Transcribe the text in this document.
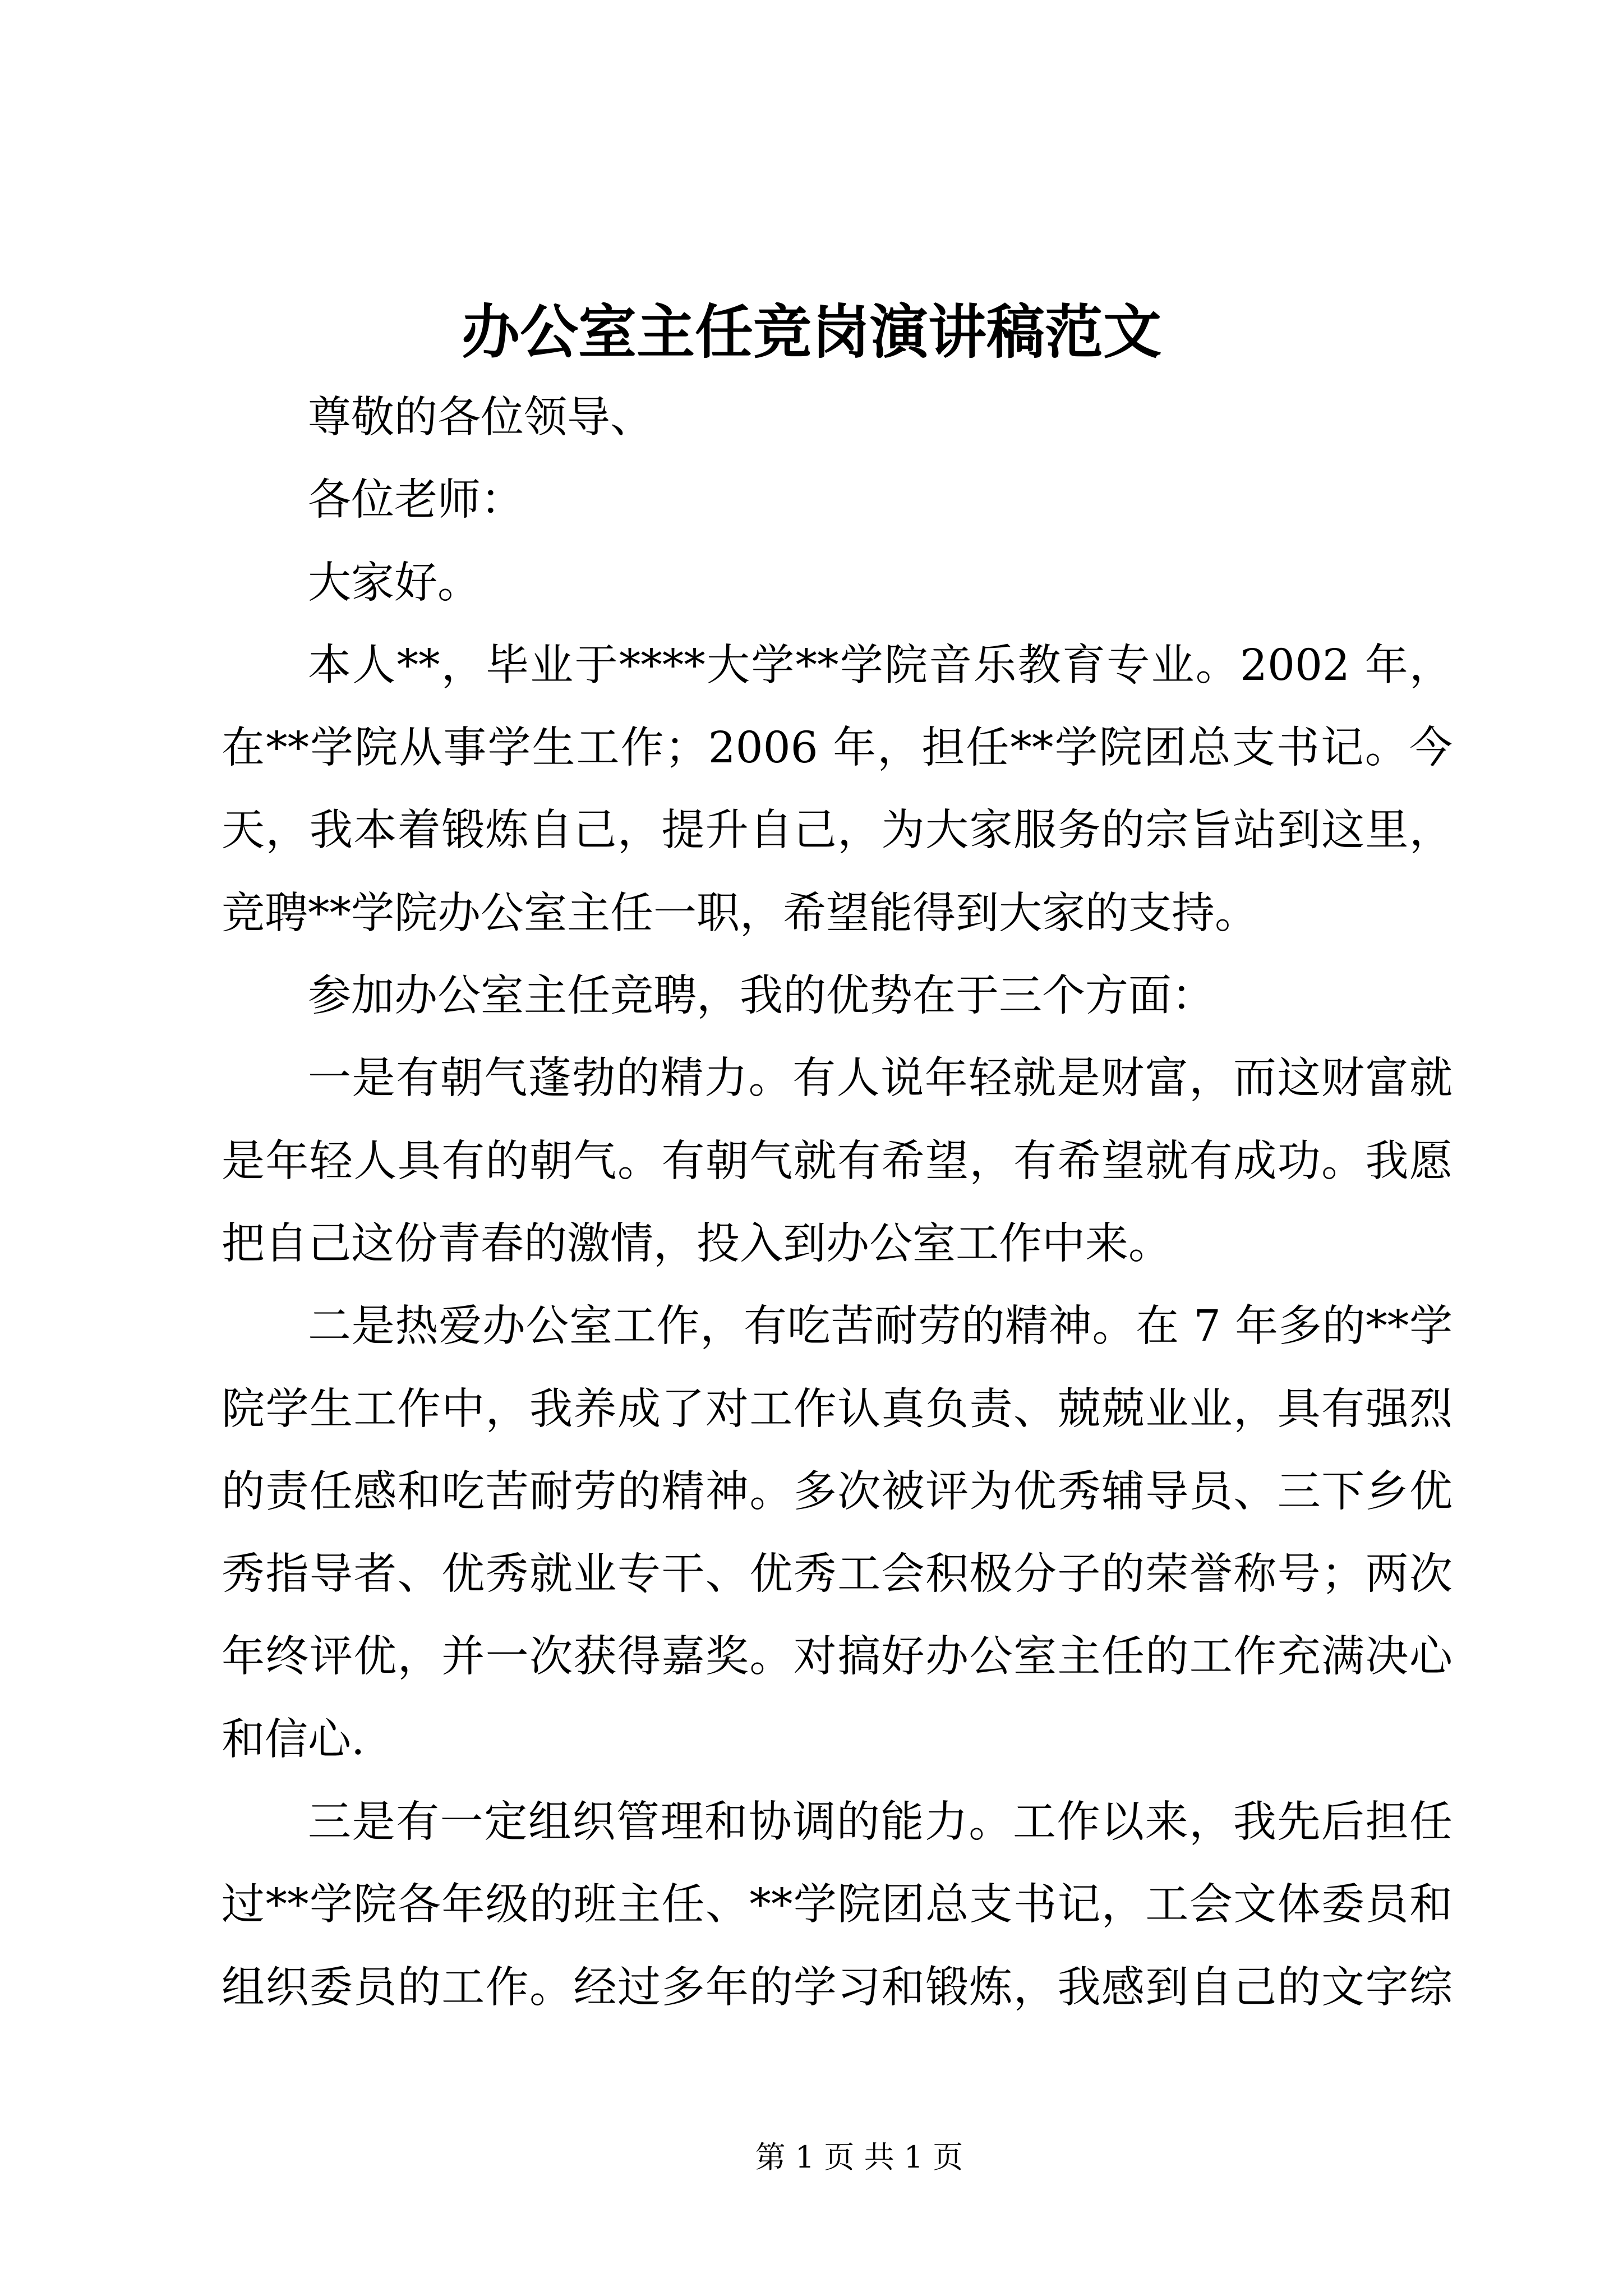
办公室主任竞岗演讲稿范文
尊敬的各位领导、
各位老师：
大家好。
本人**，毕业于****大学**学院音乐教育专业。2002 年，
在**学院从事学生工作；2006 年，担任**学院团总支书记。今
天，我本着锻炼自己，提升自己，为大家服务的宗旨站到这里，
竞聘**学院办公室主任一职，希望能得到大家的支持。
参加办公室主任竞聘，我的优势在于三个方面：
一是有朝气蓬勃的精力。有人说年轻就是财富，而这财富就
是年轻人具有的朝气。有朝气就有希望，有希望就有成功。我愿
把自己这份青春的激情，投入到办公室工作中来。
二是热爱办公室工作，有吃苦耐劳的精神。在 7 年多的**学
院学生工作中，我养成了对工作认真负责、兢兢业业，具有强烈
的责任感和吃苦耐劳的精神。多次被评为优秀辅导员、三下乡优
秀指导者、优秀就业专干、优秀工会积极分子的荣誉称号；两次
年终评优，并一次获得嘉奖。对搞好办公室主任的工作充满决心
和信心.
三是有一定组织管理和协调的能力。工作以来，我先后担任
过**学院各年级的班主任、**学院团总支书记，工会文体委员和
组织委员的工作。经过多年的学习和锻炼，我感到自己的文字综
第 1 页 共 1 页
